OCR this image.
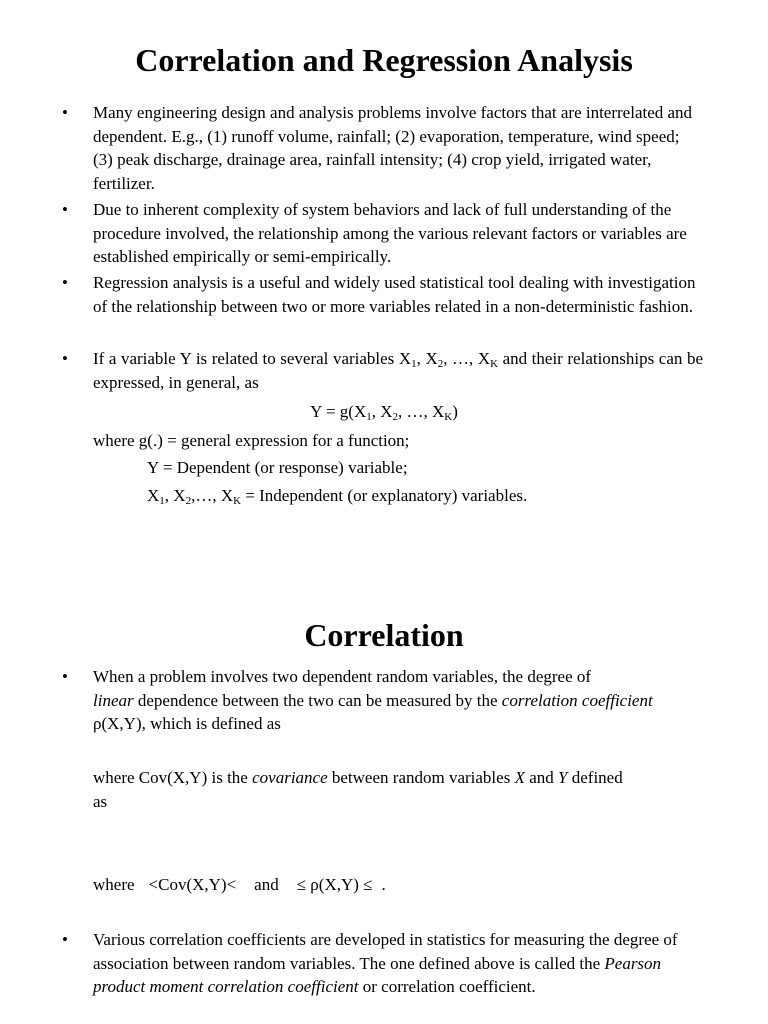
Correlation and Regression Analysis
•	Many engineering design and analysis problems involve factors that are interrelated and dependent. E.g., (1) runoff volume, rainfall; (2) evaporation, temperature, wind speed; (3) peak discharge, drainage area, rainfall intensity; (4) crop yield, irrigated water, fertilizer.
•	Due to inherent complexity of system behaviors and lack of full understanding of the procedure involved, the relationship among the various relevant factors or variables are established empirically or semi-empirically.
•	Regression analysis is a useful and widely used statistical tool dealing with investigation of the relationship between two or more variables related in a non-deterministic fashion.
•	If a variable Y is related to several variables $X_1$, $X_2$, …, $X_K$ and their relationships can be expressed, in general, as
$Y = g(X_1$, $X_2$, …, $X_K$)
where g(.) = general expression for a function;
Y = Dependent (or response) variable;
$X_1$, $X_2,\dots$, $X_K$ = Independent (or explanatory) variables.
Correlation
•	When a problem involves two dependent random variables, the degree of
linear dependence between the two can be measured by the correlation coefficient ρ(X,Y), which is defined as
where Cov(X,Y) is the covariance between random variables X and Y defined
as
where <Cov(X,Y)< and ≤ ρ(X,Y) ≤ .
•	Various correlation coefficients are developed in statistics for measuring the degree of association between random variables. The one defined above is called the Pearson product moment correlation coefficient or correlation coefficient.
